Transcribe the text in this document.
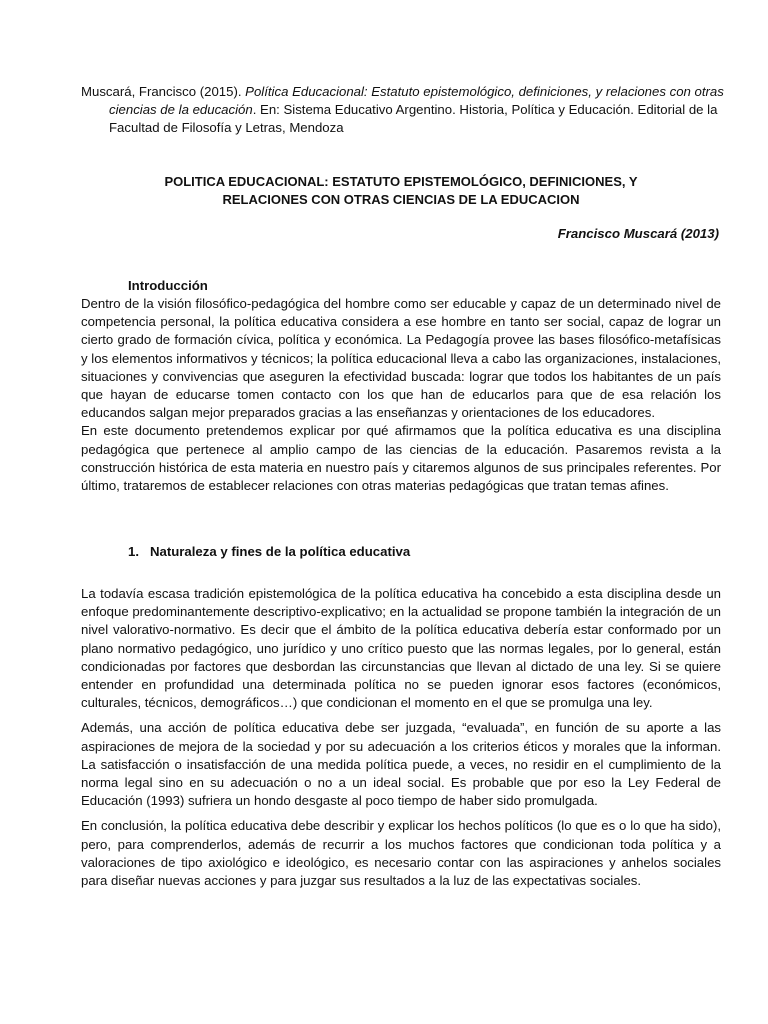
Muscará, Francisco (2015). Política Educacional: Estatuto epistemológico, definiciones, y relaciones con otras ciencias de la educación. En: Sistema Educativo Argentino. Historia, Política y Educación. Editorial de la Facultad de Filosofía y Letras, Mendoza
POLITICA EDUCACIONAL: ESTATUTO EPISTEMOLÓGICO, DEFINICIONES, Y
RELACIONES CON OTRAS CIENCIAS DE LA EDUCACION
Francisco Muscará (2013)
Introducción

Dentro de la visión filosófico-pedagógica del hombre como ser educable y capaz de un determinado nivel de competencia personal, la política educativa considera a ese hombre en tanto ser social, capaz de lograr un cierto grado de formación cívica, política y económica. La Pedagogía provee las bases filosófico-metafísicas y los elementos informativos y técnicos; la política educacional lleva a cabo las organizaciones, instalaciones, situaciones y convivencias que aseguren la efectividad buscada: lograr que todos los habitantes de un país que hayan de educarse tomen contacto con los que han de educarlos para que de esa relación los educandos salgan mejor preparados gracias a las enseñanzas y orientaciones de los educadores.

En este documento pretendemos explicar por qué afirmamos que la política educativa es una disciplina pedagógica que pertenece al amplio campo de las ciencias de la educación. Pasaremos revista a la construcción histórica de esta materia en nuestro país y citaremos algunos de sus principales referentes. Por último, trataremos de establecer relaciones con otras materias pedagógicas que tratan temas afines.

1. Naturaleza y fines de la política educativa

La todavía escasa tradición epistemológica de la política educativa ha concebido a esta disciplina desde un enfoque predominantemente descriptivo-explicativo; en la actualidad se propone también la integración de un nivel valorativo-normativo. Es decir que el ámbito de la política educativa debería estar conformado por un plano normativo pedagógico, uno jurídico y uno crítico puesto que las normas legales, por lo general, están condicionadas por factores que desbordan las circunstancias que llevan al dictado de una ley. Si se quiere entender en profundidad una determinada política no se pueden ignorar esos factores (económicos, culturales, técnicos, demográficos…) que condicionan el momento en el que se promulga una ley.

Además, una acción de política educativa debe ser juzgada, “evaluada”, en función de su aporte a las aspiraciones de mejora de la sociedad y por su adecuación a los criterios éticos y morales que la informan. La satisfacción o insatisfacción de una medida política puede, a veces, no residir en el cumplimiento de la norma legal sino en su adecuación o no a un ideal social. Es probable que por eso la Ley Federal de Educación (1993) sufriera un hondo desgaste al poco tiempo de haber sido promulgada.

En conclusión, la política educativa debe describir y explicar los hechos políticos (lo que es o lo que ha sido), pero, para comprenderlos, además de recurrir a los muchos factores que condicionan toda política y a valoraciones de tipo axiológico e ideológico, es necesario contar con las aspiraciones y anhelos sociales para diseñar nuevas acciones y para juzgar sus resultados a la luz de las expectativas sociales.
